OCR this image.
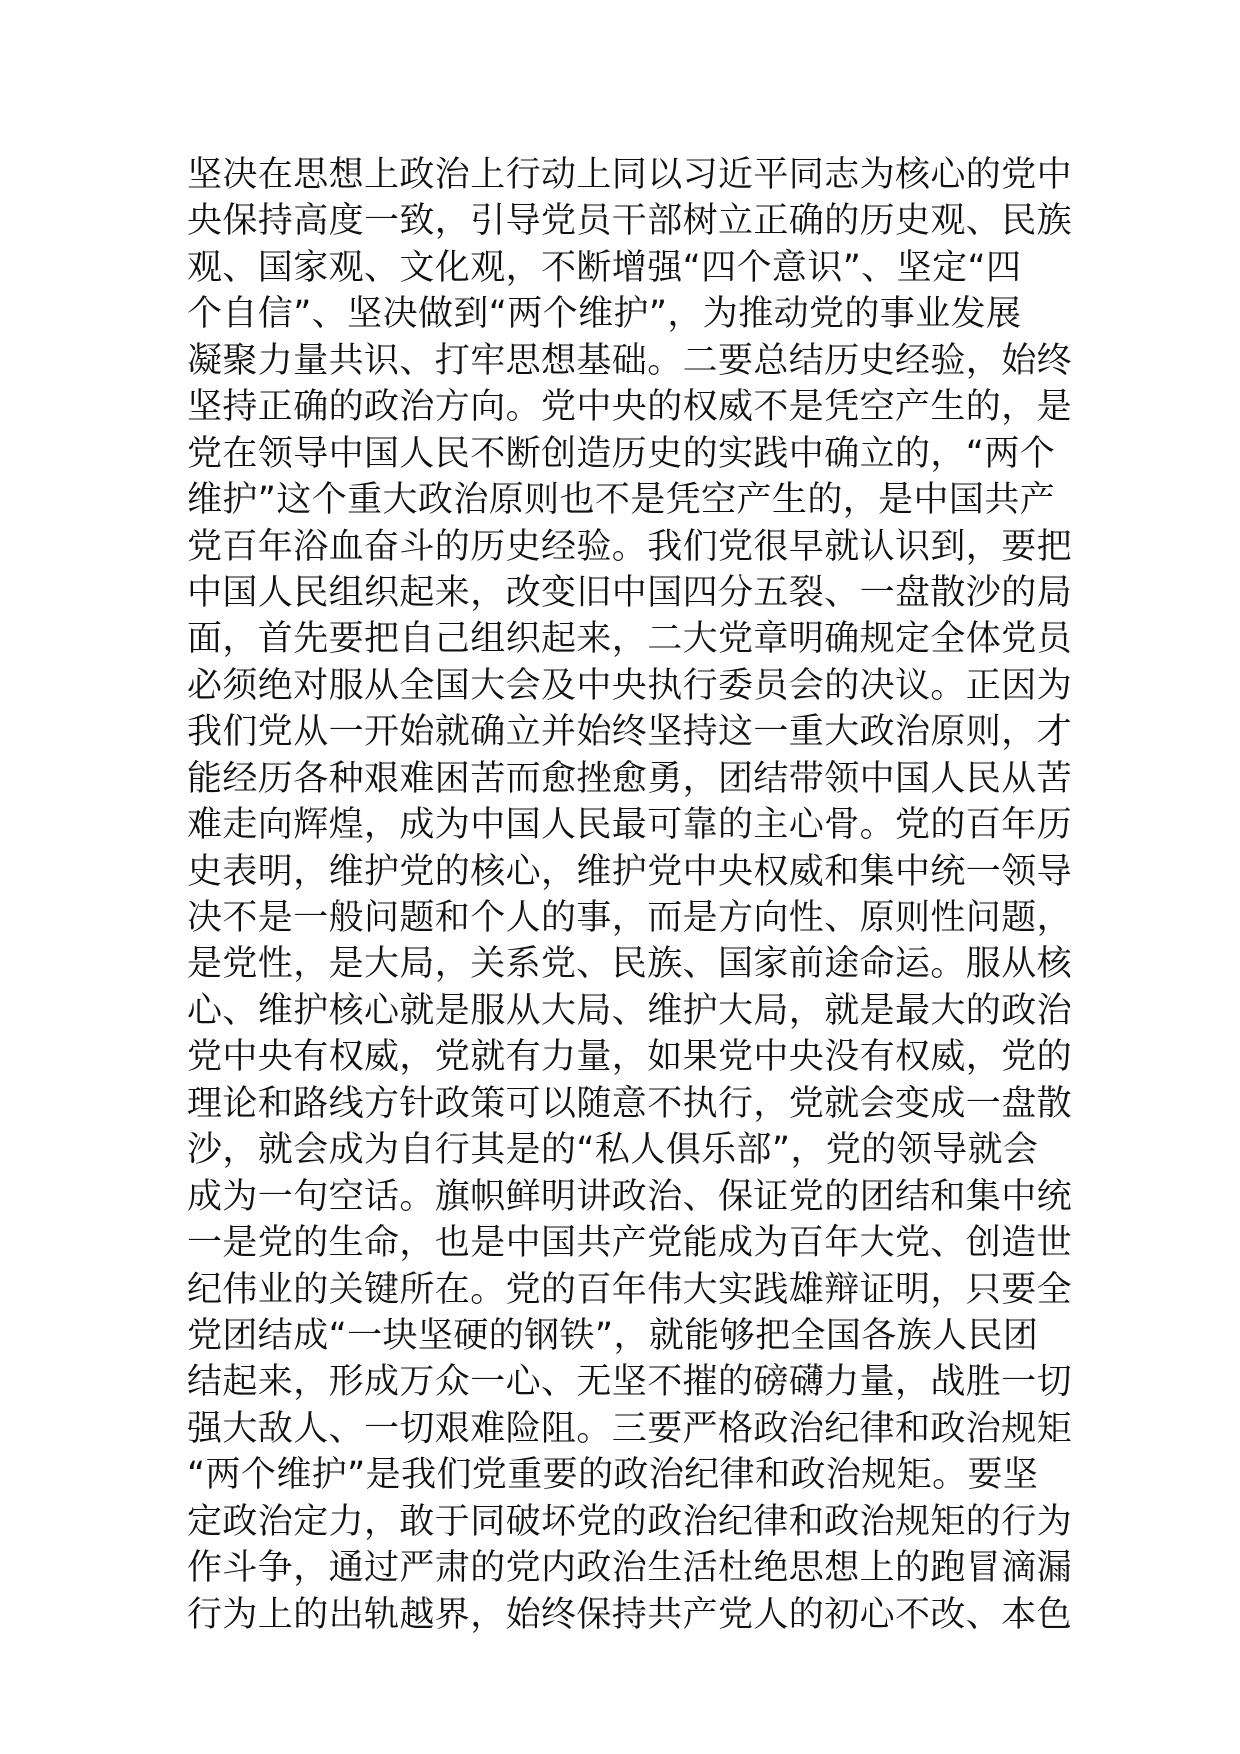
坚决在思想上政治上行动上同以习近平同志为核心的党中
央保持高度一致，引导党员干部树立正确的历史观、民族
观、国家观、文化观，不断增强“四个意识”、坚定“四
个自信”、坚决做到“两个维护”，为推动党的事业发展
凝聚力量共识、打牢思想基础。二要总结历史经验，始终
坚持正确的政治方向。党中央的权威不是凭空产生的，是
党在领导中国人民不断创造历史的实践中确立的，“两个
维护”这个重大政治原则也不是凭空产生的，是中国共产
党百年浴血奋斗的历史经验。我们党很早就认识到，要把
中国人民组织起来，改变旧中国四分五裂、一盘散沙的局
面，首先要把自己组织起来，二大党章明确规定全体党员
必须绝对服从全国大会及中央执行委员会的决议。正因为
我们党从一开始就确立并始终坚持这一重大政治原则，才
能经历各种艰难困苦而愈挫愈勇，团结带领中国人民从苦
难走向辉煌，成为中国人民最可靠的主心骨。党的百年历
史表明，维护党的核心，维护党中央权威和集中统一领导
决不是一般问题和个人的事，而是方向性、原则性问题，
是党性，是大局，关系党、民族、国家前途命运。服从核
心、维护核心就是服从大局、维护大局，就是最大的政治
党中央有权威，党就有力量，如果党中央没有权威，党的
理论和路线方针政策可以随意不执行，党就会变成一盘散
沙，就会成为自行其是的“私人俱乐部”，党的领导就会
成为一句空话。旗帜鲜明讲政治、保证党的团结和集中统
一是党的生命，也是中国共产党能成为百年大党、创造世
纪伟业的关键所在。党的百年伟大实践雄辩证明，只要全
党团结成“一块坚硬的钢铁”，就能够把全国各族人民团
结起来，形成万众一心、无坚不摧的磅礴力量，战胜一切
强大敌人、一切艰难险阻。三要严格政治纪律和政治规矩
“两个维护”是我们党重要的政治纪律和政治规矩。要坚
定政治定力，敢于同破坏党的政治纪律和政治规矩的行为
作斗争，通过严肃的党内政治生活杜绝思想上的跑冒滴漏
行为上的出轨越界，始终保持共产党人的初心不改、本色
